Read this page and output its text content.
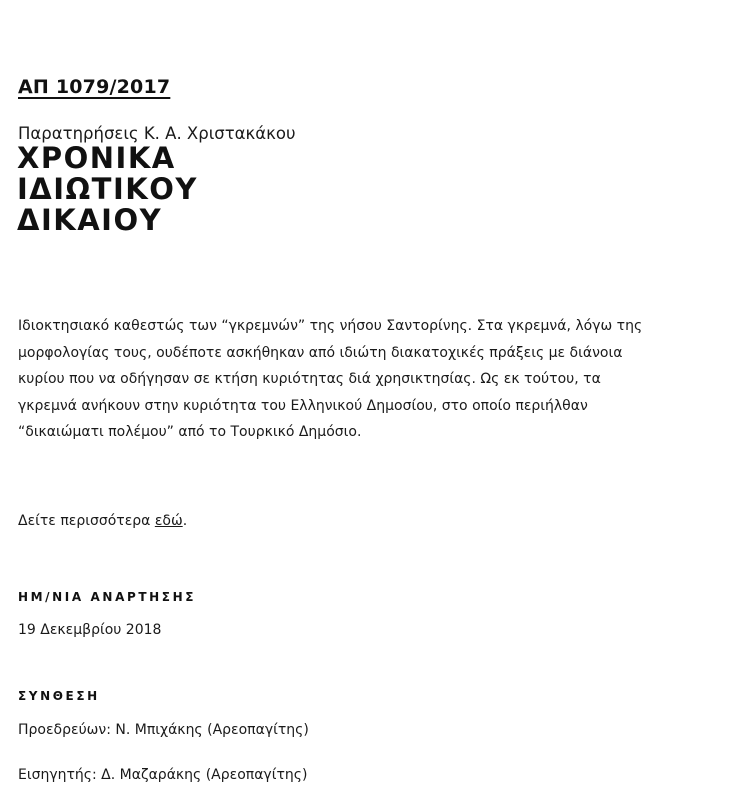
ΑΠ 1079/2017
Παρατηρήσεις Κ. Α. Χριστακάκου
ΧΡΟΝΙΚΑ
ΙΔΙΩΤΙΚΟΥ
ΔΙΚΑΙΟΥ

Ιδιοκτησιακό καθεστώς των “γκρεμνών” της νήσου Σαντορίνης. Στα γκρεμνά, λόγω της

μορφολογίας τους, ουδέποτε ασκήθηκαν από ιδιώτη διακατοχικές πράξεις με διάνοια

κυρίου που να οδήγησαν σε κτήση κυριότητας διά χρησικτησίας. Ως εκ τούτου, τα

γκρεμνά ανήκουν στην κυριότητα του Ελληνικού Δημοσίου, στο οποίο περιήλθαν

“δικαιώματι πολέμου” από το Τουρκικό Δημόσιο.

Δείτε περισσότερα εδώ.
ΗΜ/ΝΙΑ ΑΝΑΡΤΗΣΗΣ
19 Δεκεμβρίου 2018
ΣΥΝΘΕΣΗ
Προεδρεύων: Ν. Μπιχάκης (Αρεοπαγίτης)
Εισηγητής: Δ. Μαζαράκης (Αρεοπαγίτης)
